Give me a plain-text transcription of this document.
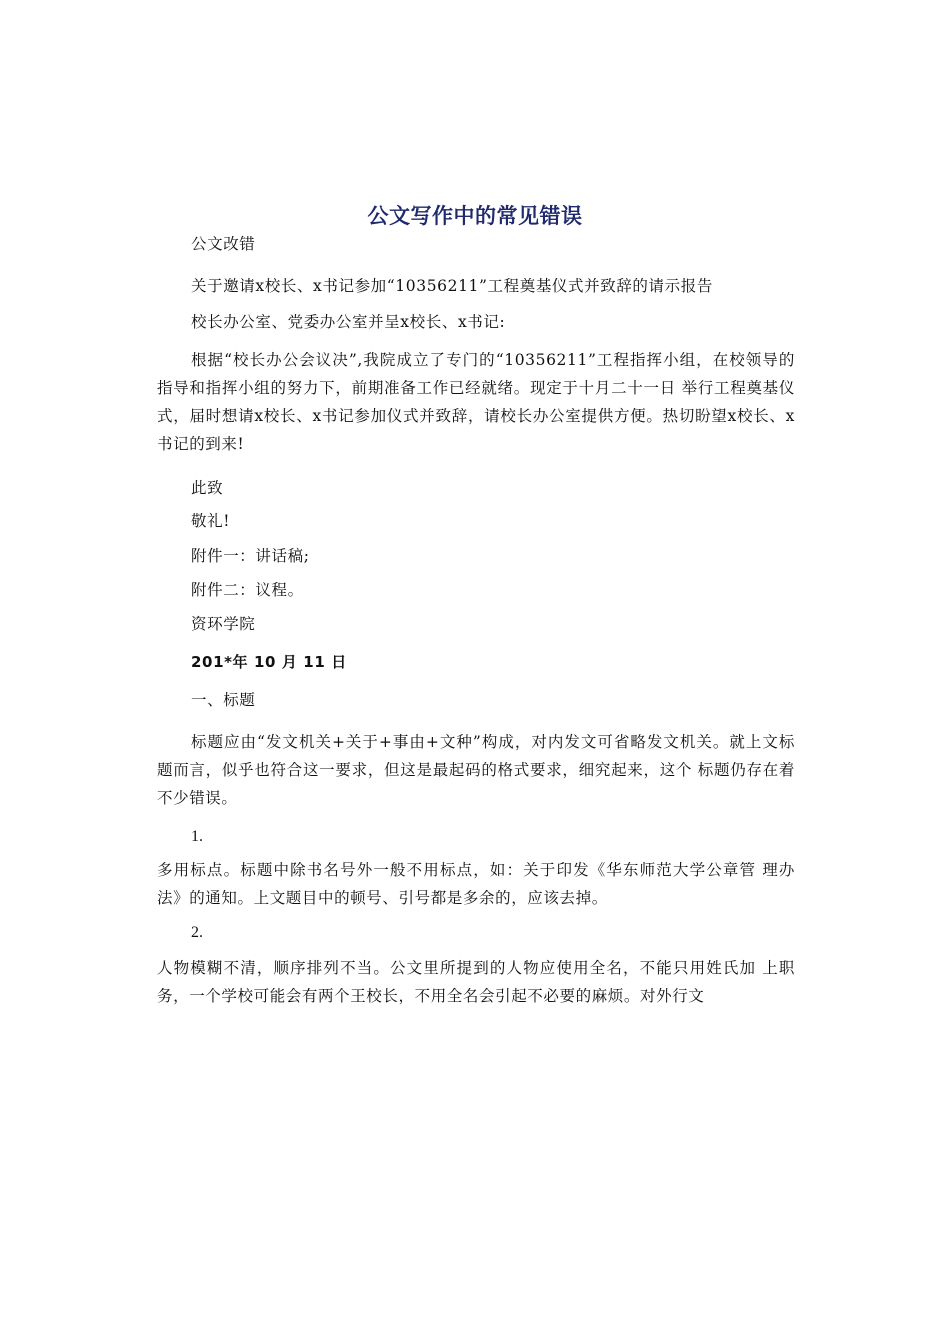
公文写作中的常见错误
公文改错
关于邀请x校长、x书记参加“10356211”工程奠基仪式并致辞的请示报告
校长办公室、党委办公室并呈x校长、x书记:
根据“校长办公会议决”,我院成立了专门的“10356211”工程指挥小组，在校领导的指导和指挥小组的努力下，前期准备工作已经就绪。现定于十月二十一日 举行工程奠基仪式，届时想请x校长、x书记参加仪式并致辞，请校长办公室提供方便。热切盼望x校长、x书记的到来!
此致
敬礼!
附件一：讲话稿;
附件二：议程。
资环学院
201*年 10 月 11 日
一、标题
标题应由“发文机关+关于+事由+文种”构成，对内发文可省略发文机关。就上文标题而言，似乎也符合这一要求，但这是最起码的格式要求，细究起来，这个 标题仍存在着不少错误。
1.
多用标点。标题中除书名号外一般不用标点，如：关于印发《华东师范大学公章管 理办法》的通知。上文题目中的顿号、引号都是多余的，应该去掉。
2.
人物模糊不清，顺序排列不当。公文里所提到的人物应使用全名，不能只用姓氏加 上职务，一个学校可能会有两个王校长，不用全名会引起不必要的麻烦。对外行文
